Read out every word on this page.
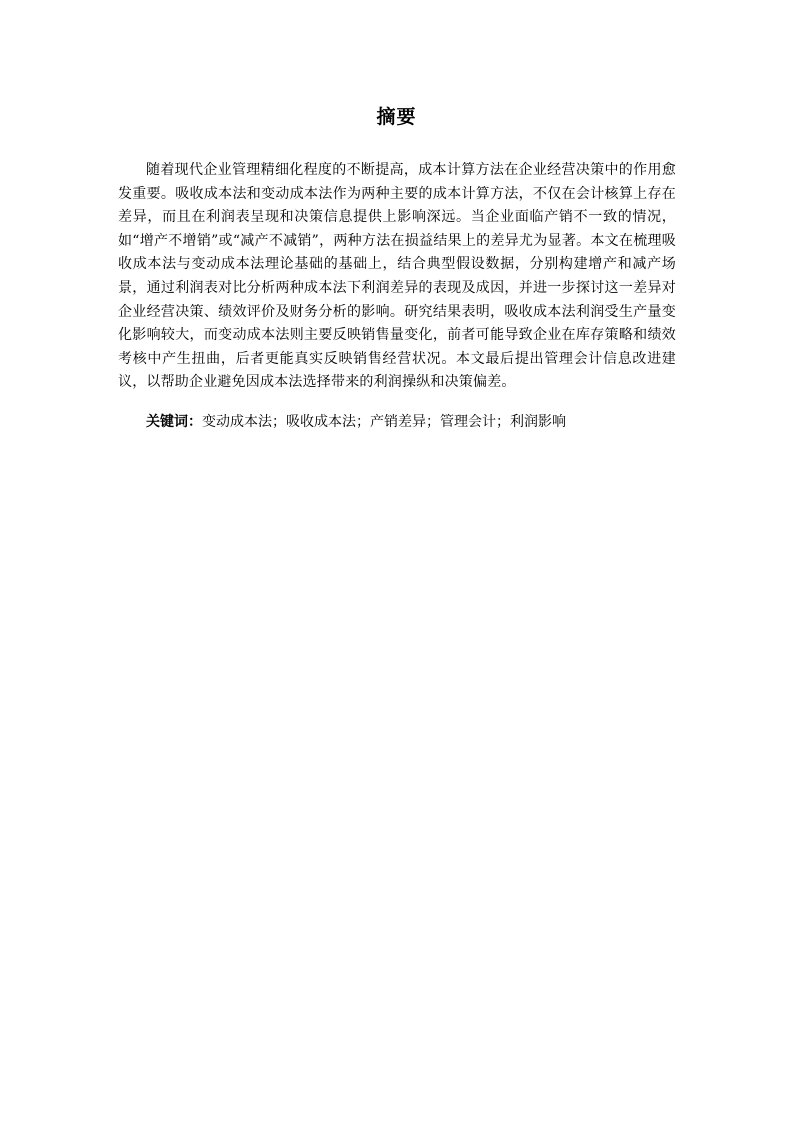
摘要

随着现代企业管理精细化程度的不断提高，成本计算方法在企业经营决策中的作用愈发重要。吸收成本法和变动成本法作为两种主要的成本计算方法，不仅在会计核算上存在差异，而且在利润表呈现和决策信息提供上影响深远。当企业面临产销不一致的情况，如“增产不增销”或“减产不减销”，两种方法在损益结果上的差异尤为显著。本文在梳理吸收成本法与变动成本法理论基础的基础上，结合典型假设数据，分别构建增产和减产场景，通过利润表对比分析两种成本法下利润差异的表现及成因，并进一步探讨这一差异对企业经营决策、绩效评价及财务分析的影响。研究结果表明，吸收成本法利润受生产量变化影响较大，而变动成本法则主要反映销售量变化，前者可能导致企业在库存策略和绩效考核中产生扭曲，后者更能真实反映销售经营状况。本文最后提出管理会计信息改进建议，以帮助企业避免因成本法选择带来的利润操纵和决策偏差。

关键词：变动成本法；吸收成本法；产销差异；管理会计；利润影响
